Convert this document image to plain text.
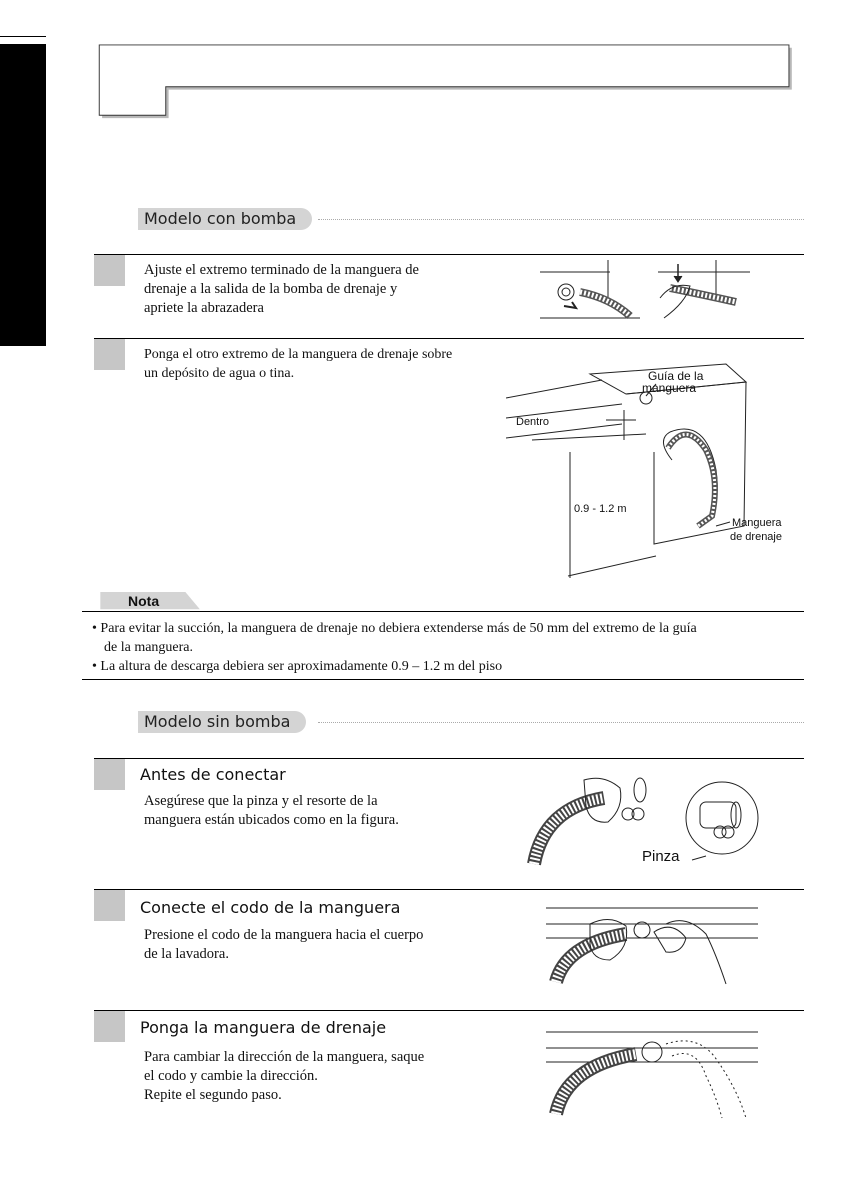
Modelo con bomba
Ajuste el extremo terminado de la manguera de
drenaje a la salida de la bomba de drenaje y
apriete la abrazadera
Ponga el otro extremo de la manguera de drenaje sobre
un depósito de agua o tina.	Guía de la
manguera
Dentro
0.9 - 1.2 m
Manguera
de drenaje
Nota
• Para evitar la succión, la manguera de drenaje no debiera extenderse más de 50 mm del extremo de la guía
de la manguera.
• La altura de descarga debiera ser aproximadamente 0.9 – 1.2 m del piso
Modelo sin bomba
Antes de conectar
Asegúrese que la pinza y el resorte de la
manguera están ubicados como en la figura.
Pinza
Conecte el codo de la manguera
Presione el codo de la manguera hacia el cuerpo
de la lavadora.
Ponga la manguera de drenaje
Para cambiar la dirección de la manguera, saque
el codo y cambie la dirección.
Repite el segundo paso.
